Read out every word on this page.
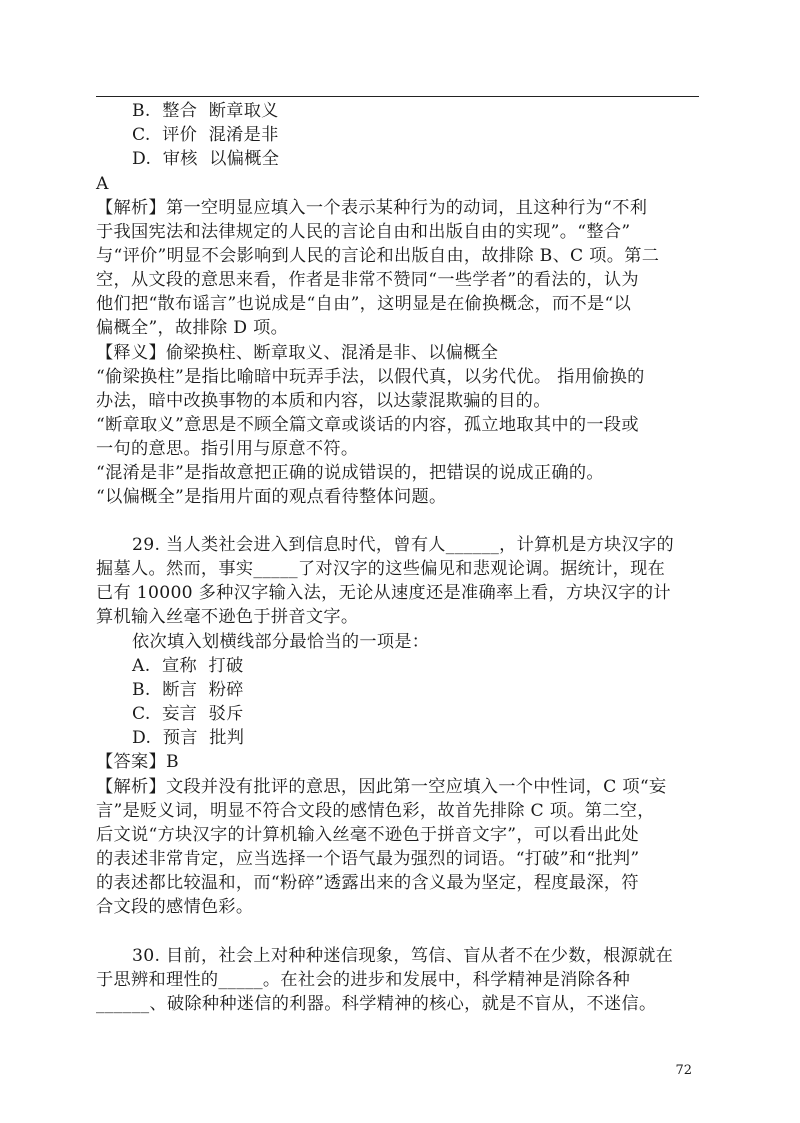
B.  整合  断章取义
C.  评价  混淆是非
D.  审核  以偏概全
A
【解析】第一空明显应填入一个表示某种行为的动词，且这种行为“不利
于我国宪法和法律规定的人民的言论自由和出版自由的实现”。“整合”
与“评价”明显不会影响到人民的言论和出版自由，故排除 B、C 项。第二
空，从文段的意思来看，作者是非常不赞同“一些学者”的看法的，认为
他们把“散布谣言”也说成是“自由”，这明显是在偷换概念，而不是“以
偏概全”，故排除 D 项。
【释义】偷梁换柱、断章取义、混淆是非、以偏概全
“偷梁换柱”是指比喻暗中玩弄手法，以假代真，以劣代优。 指用偷换的
办法，暗中改换事物的本质和内容，以达蒙混欺骗的目的。
“断章取义”意思是不顾全篇文章或谈话的内容，孤立地取其中的一段或
一句的意思。指引用与原意不符。
“混淆是非”是指故意把正确的说成错误的，把错误的说成正确的。
“以偏概全”是指用片面的观点看待整体问题。
29. 当人类社会进入到信息时代，曾有人______，计算机是方块汉字的
掘墓人。然而，事实_____了对汉字的这些偏见和悲观论调。据统计，现在
已有 10000 多种汉字输入法，无论从速度还是准确率上看，方块汉字的计
算机输入丝毫不逊色于拼音文字。
依次填入划横线部分最恰当的一项是：
A.  宣称  打破
B.  断言  粉碎
C.  妄言  驳斥
D.  预言  批判
【答案】B
【解析】文段并没有批评的意思，因此第一空应填入一个中性词，C 项“妄
言”是贬义词，明显不符合文段的感情色彩，故首先排除 C 项。第二空，
后文说“方块汉字的计算机输入丝毫不逊色于拼音文字”，可以看出此处
的表述非常肯定，应当选择一个语气最为强烈的词语。“打破”和“批判”
的表述都比较温和，而“粉碎”透露出来的含义最为坚定，程度最深，符
合文段的感情色彩。
30. 目前，社会上对种种迷信现象，笃信、盲从者不在少数，根源就在
于思辨和理性的_____。在社会的进步和发展中，科学精神是消除各种
______、破除种种迷信的利器。科学精神的核心，就是不盲从，不迷信。
72
